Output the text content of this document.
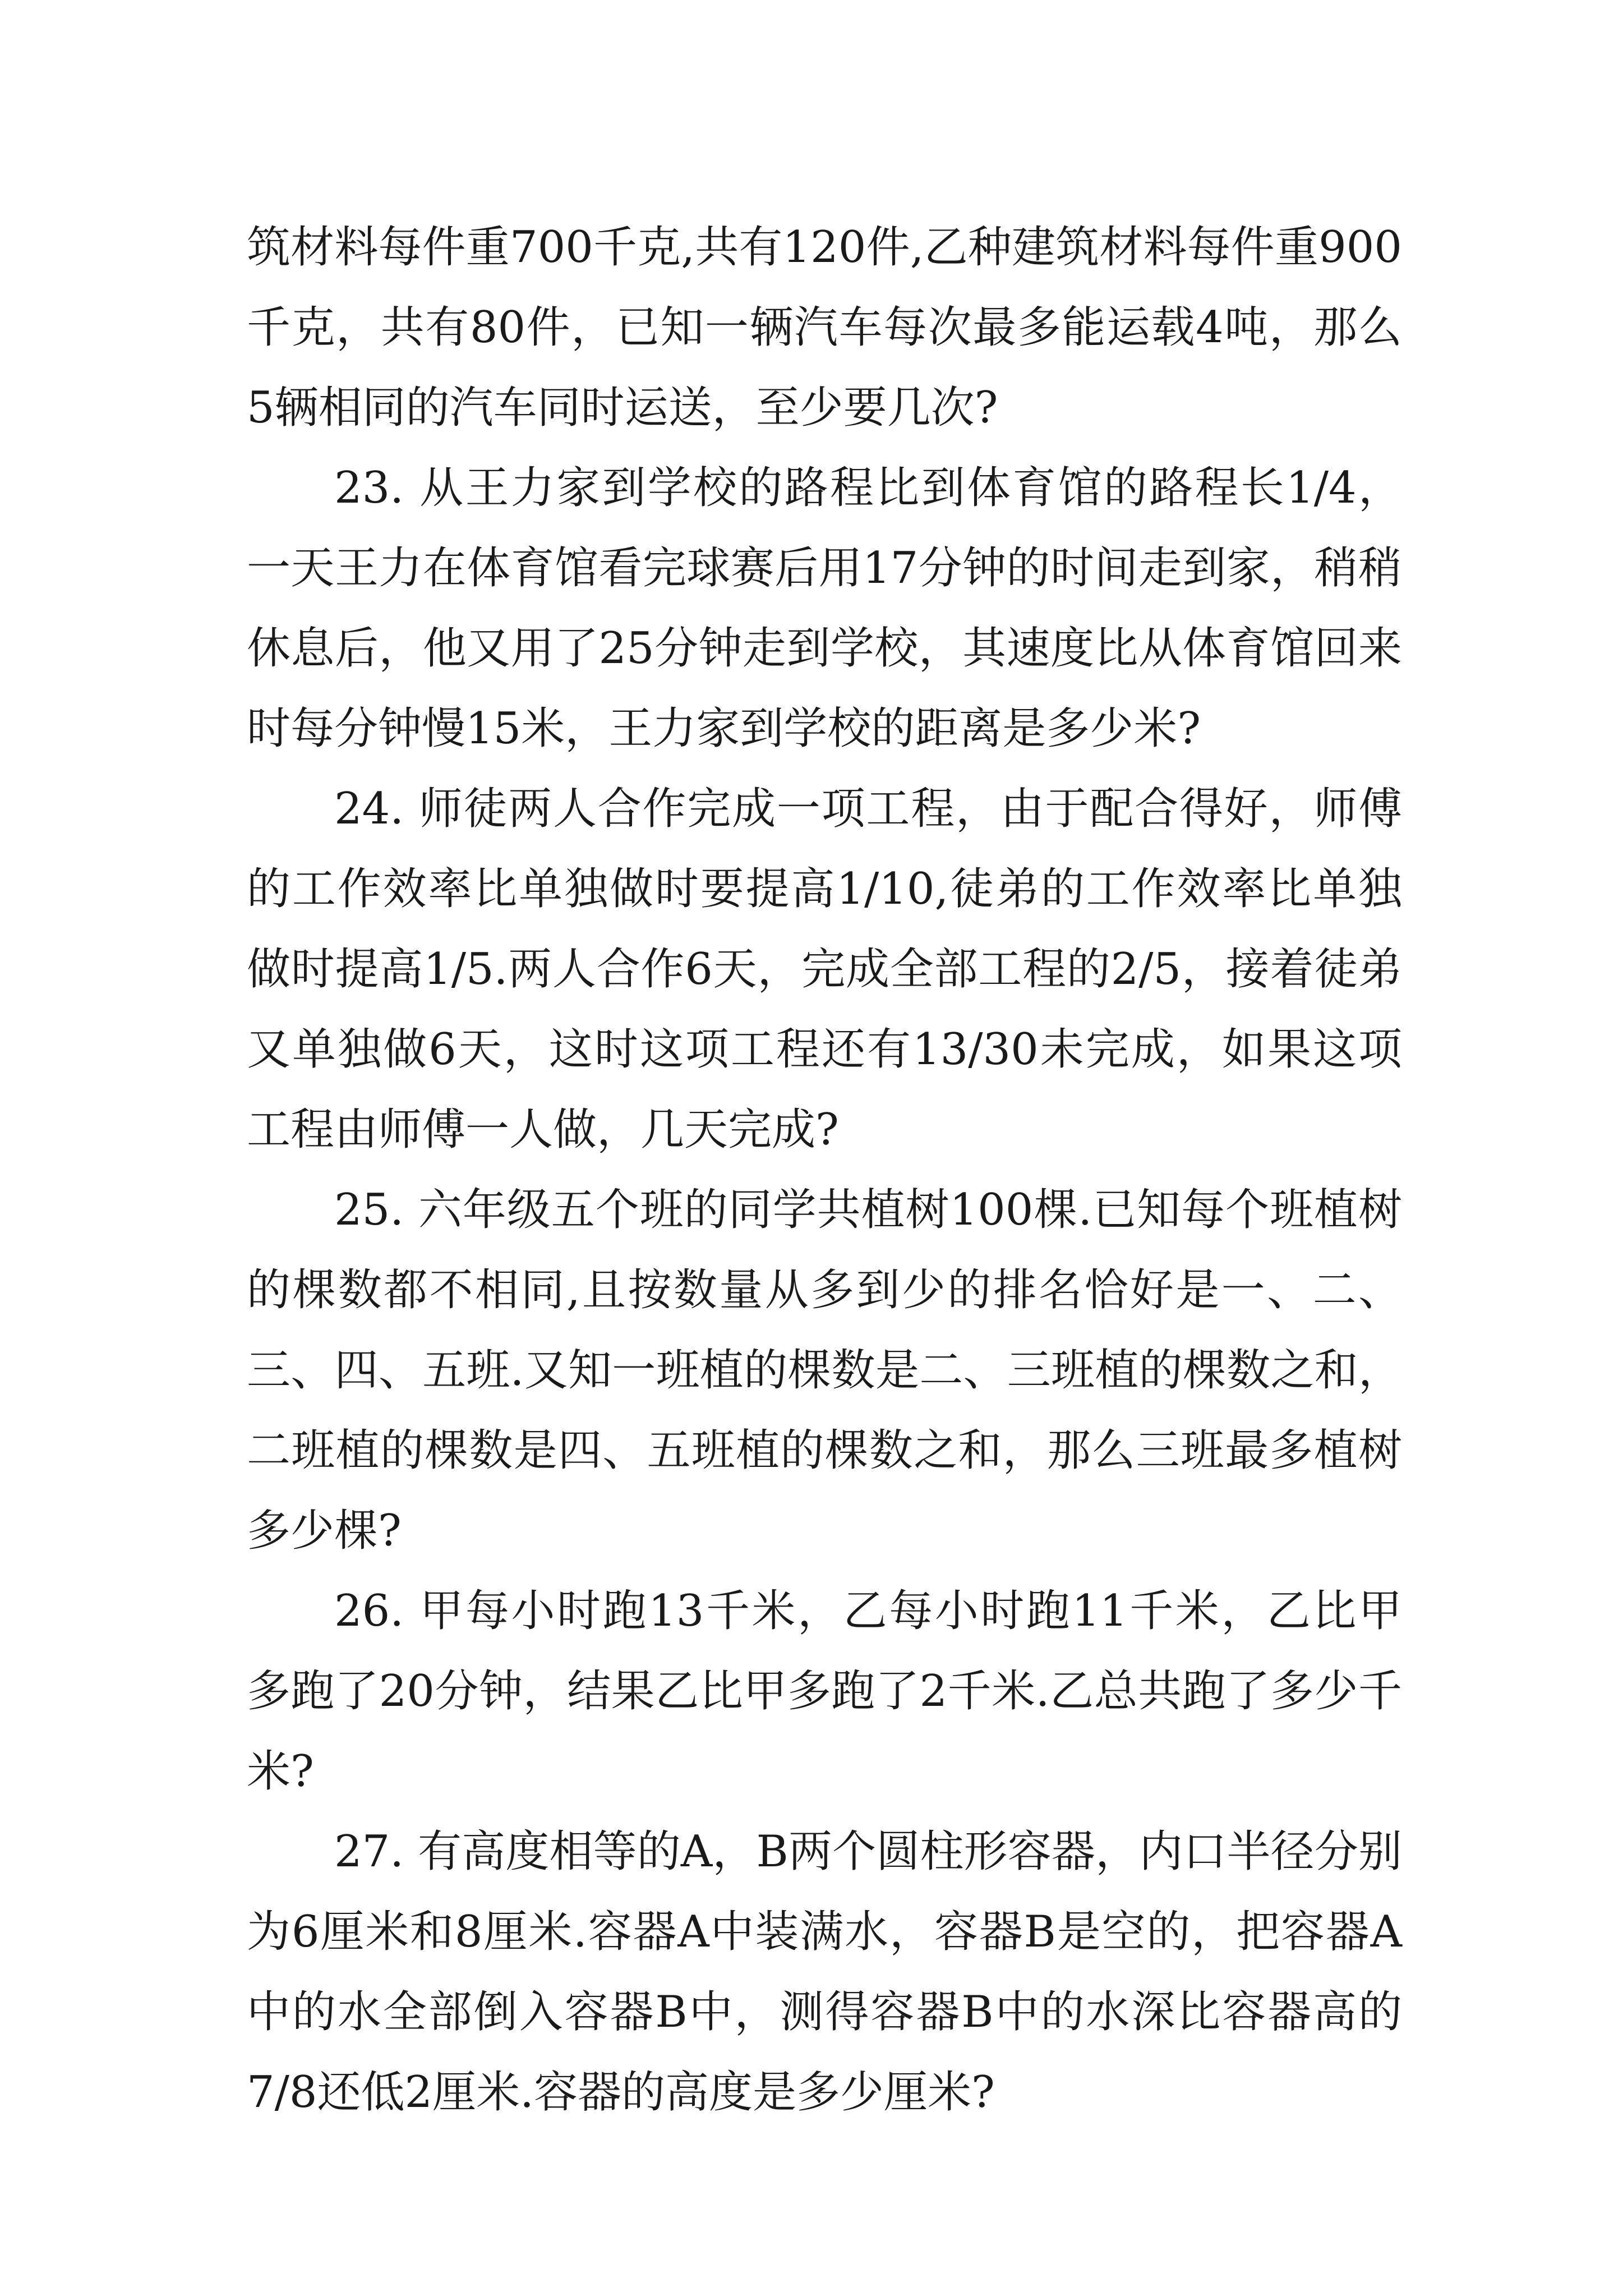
筑材料每件重700千克,共有120件,乙种建筑材料每件重900千克，共有80件，已知一辆汽车每次最多能运载4吨，那么5辆相同的汽车同时运送，至少要几次?

23. 从王力家到学校的路程比到体育馆的路程长1/4，一天王力在体育馆看完球赛后用17分钟的时间走到家，稍稍休息后，他又用了25分钟走到学校，其速度比从体育馆回来时每分钟慢15米，王力家到学校的距离是多少米?

24. 师徒两人合作完成一项工程，由于配合得好，师傅的工作效率比单独做时要提高1/10,徒弟的工作效率比单独做时提高1/5.两人合作6天，完成全部工程的2/5，接着徒弟又单独做6天，这时这项工程还有13/30未完成，如果这项工程由师傅一人做，几天完成?

25. 六年级五个班的同学共植树100棵.已知每个班植树的棵数都不相同,且按数量从多到少的排名恰好是一、二、三、四、五班.又知一班植的棵数是二、三班植的棵数之和，二班植的棵数是四、五班植的棵数之和，那么三班最多植树多少棵?

26. 甲每小时跑13千米，乙每小时跑11千米，乙比甲多跑了20分钟，结果乙比甲多跑了2千米.乙总共跑了多少千米?

27. 有高度相等的A，B两个圆柱形容器，内口半径分别为6厘米和8厘米.容器A中装满水，容器B是空的，把容器A中的水全部倒入容器B中，测得容器B中的水深比容器高的7/8还低2厘米.容器的高度是多少厘米?
